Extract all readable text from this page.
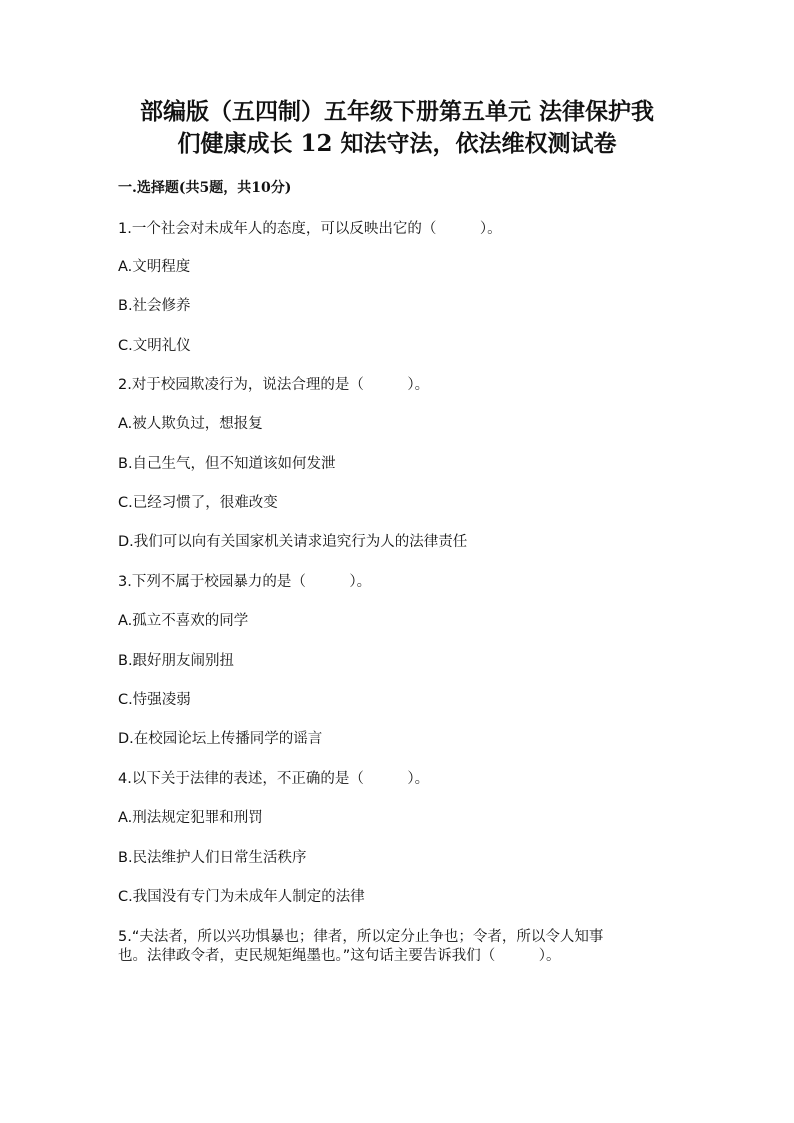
部编版（五四制）五年级下册第五单元 法律保护我
们健康成长 12 知法守法，依法维权测试卷
一.选择题(共5题，共10分)

1.一个社会对未成年人的态度，可以反映出它的（　　　）。

A.文明程度

B.社会修养

C.文明礼仪

2.对于校园欺凌行为，说法合理的是（　　　）。

A.被人欺负过，想报复

B.自己生气，但不知道该如何发泄

C.已经习惯了，很难改变

D.我们可以向有关国家机关请求追究行为人的法律责任

3.下列不属于校园暴力的是（　　　）。

A.孤立不喜欢的同学

B.跟好朋友闹别扭

C.恃强凌弱

D.在校园论坛上传播同学的谣言

4.以下关于法律的表述，不正确的是（　　　）。

A.刑法规定犯罪和刑罚

B.民法维护人们日常生活秩序

C.我国没有专门为未成年人制定的法律

5.“夫法者，所以兴功惧暴也；律者，所以定分止争也；令者，所以令人知事

也。法律政令者，吏民规矩绳墨也。”这句话主要告诉我们（　　　）。
